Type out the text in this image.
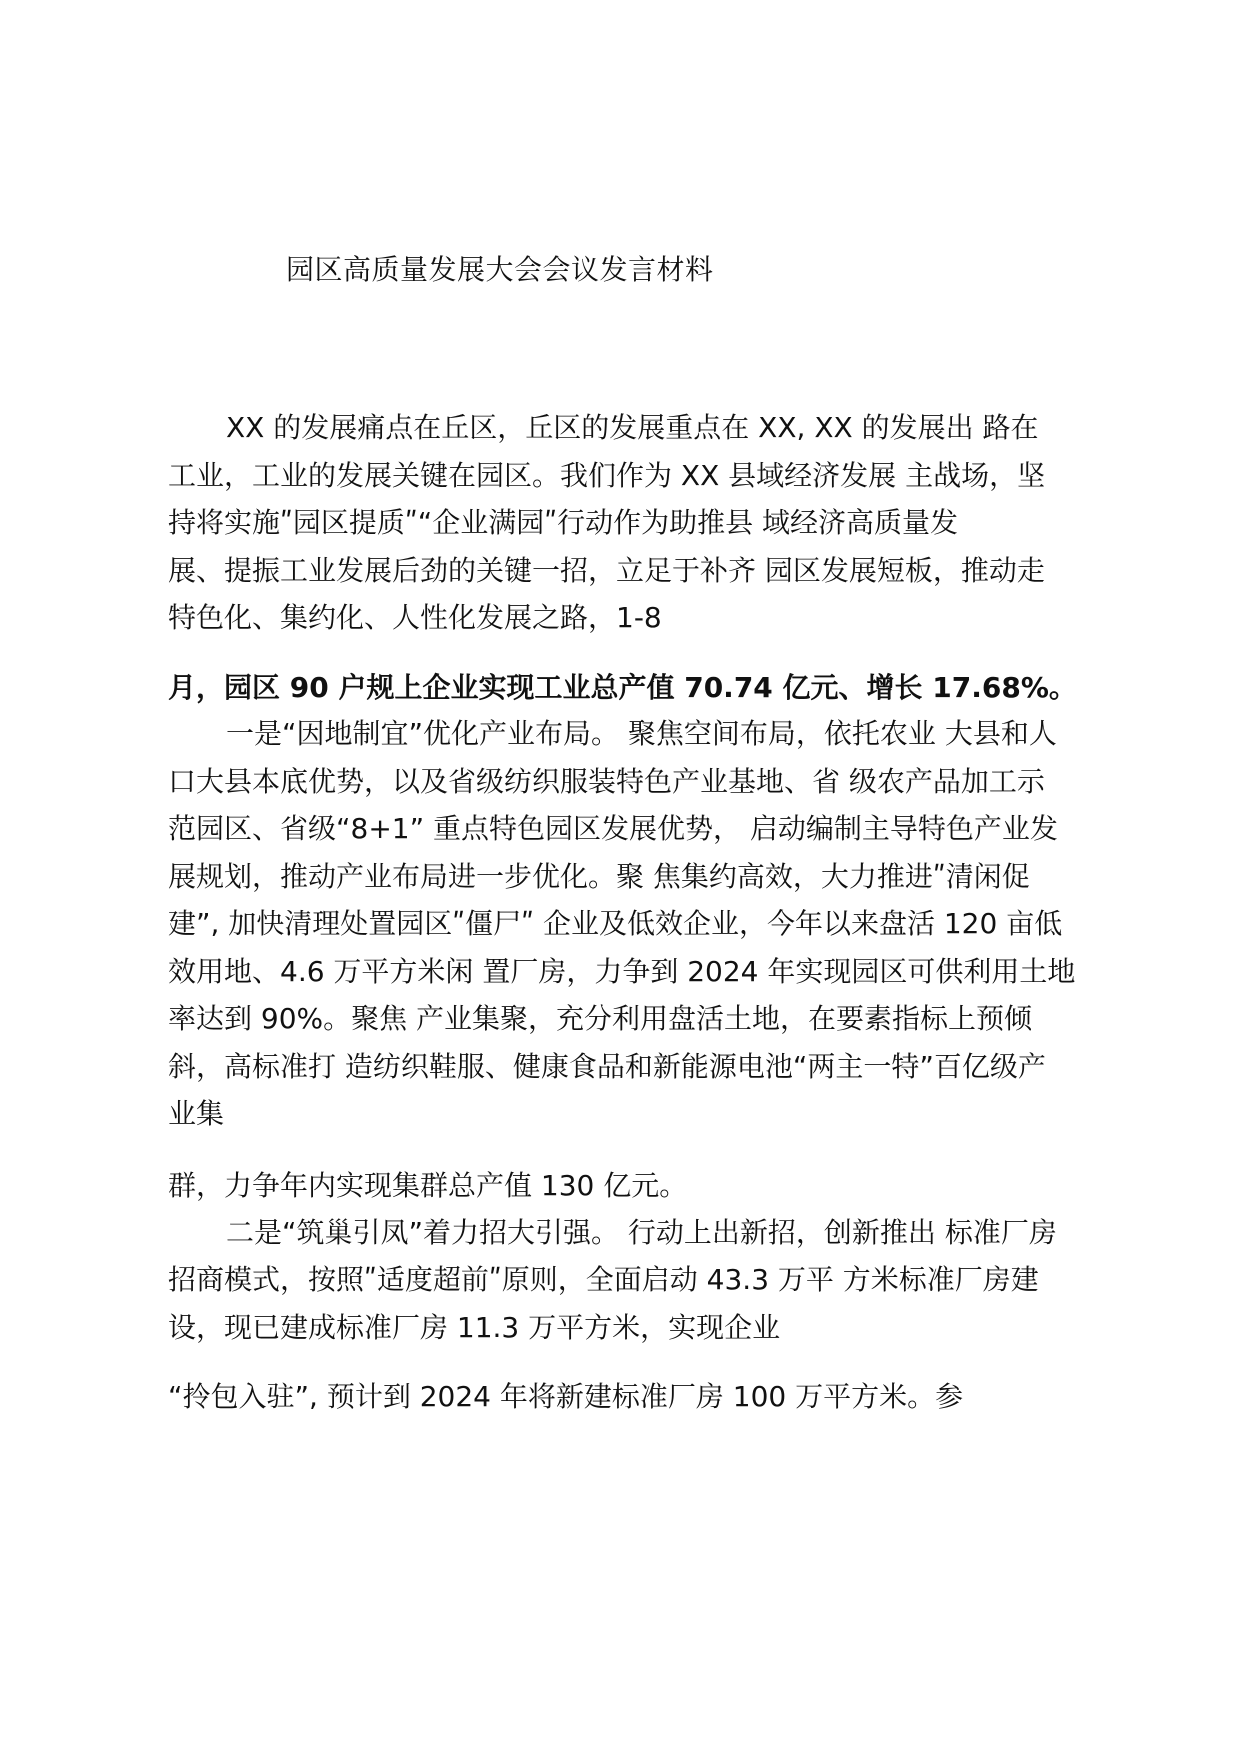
园区高质量发展大会会议发言材料
XX 的发展痛点在丘区，丘区的发展重点在 XX, XX 的发展出 路在
工业，工业的发展关键在园区。我们作为 XX 县域经济发展 主战场，坚
持将实施ʺ园区提质ʺ“企业满园ʺ行动作为助推县 域经济高质量发
展、提振工业发展后劲的关键一招，立足于补齐 园区发展短板，推动走
特色化、集约化、人性化发展之路，1-8
月，园区 90 户规上企业实现工业总产值 70.74 亿元、增长 17.68%。
一是“因地制宜”优化产业布局。 聚焦空间布局，依托农业 大县和人
口大县本底优势，以及省级纺织服装特色产业基地、省 级农产品加工示
范园区、省级“8+1” 重点特色园区发展优势， 启动编制主导特色产业发
展规划，推动产业布局进一步优化。聚 焦集约高效，大力推进ʺ清闲促
建”, 加快清理处置园区ʺ僵尸ʺ 企业及低效企业，今年以来盘活 120 亩低
效用地、4.6 万平方米闲 置厂房，力争到 2024 年实现园区可供利用土地
率达到 90%。聚焦 产业集聚，充分利用盘活土地，在要素指标上预倾
斜，高标准打 造纺织鞋服、健康食品和新能源电池“两主一特”百亿级产
业集
群，力争年内实现集群总产值 130 亿元。
二是“筑巢引凤”着力招大引强。 行动上出新招，创新推出 标准厂房
招商模式，按照ʺ适度超前ʺ原则，全面启动 43.3 万平 方米标准厂房建
设，现已建成标准厂房 11.3 万平方米，实现企业
“拎包入驻”, 预计到 2024 年将新建标准厂房 100 万平方米。参
